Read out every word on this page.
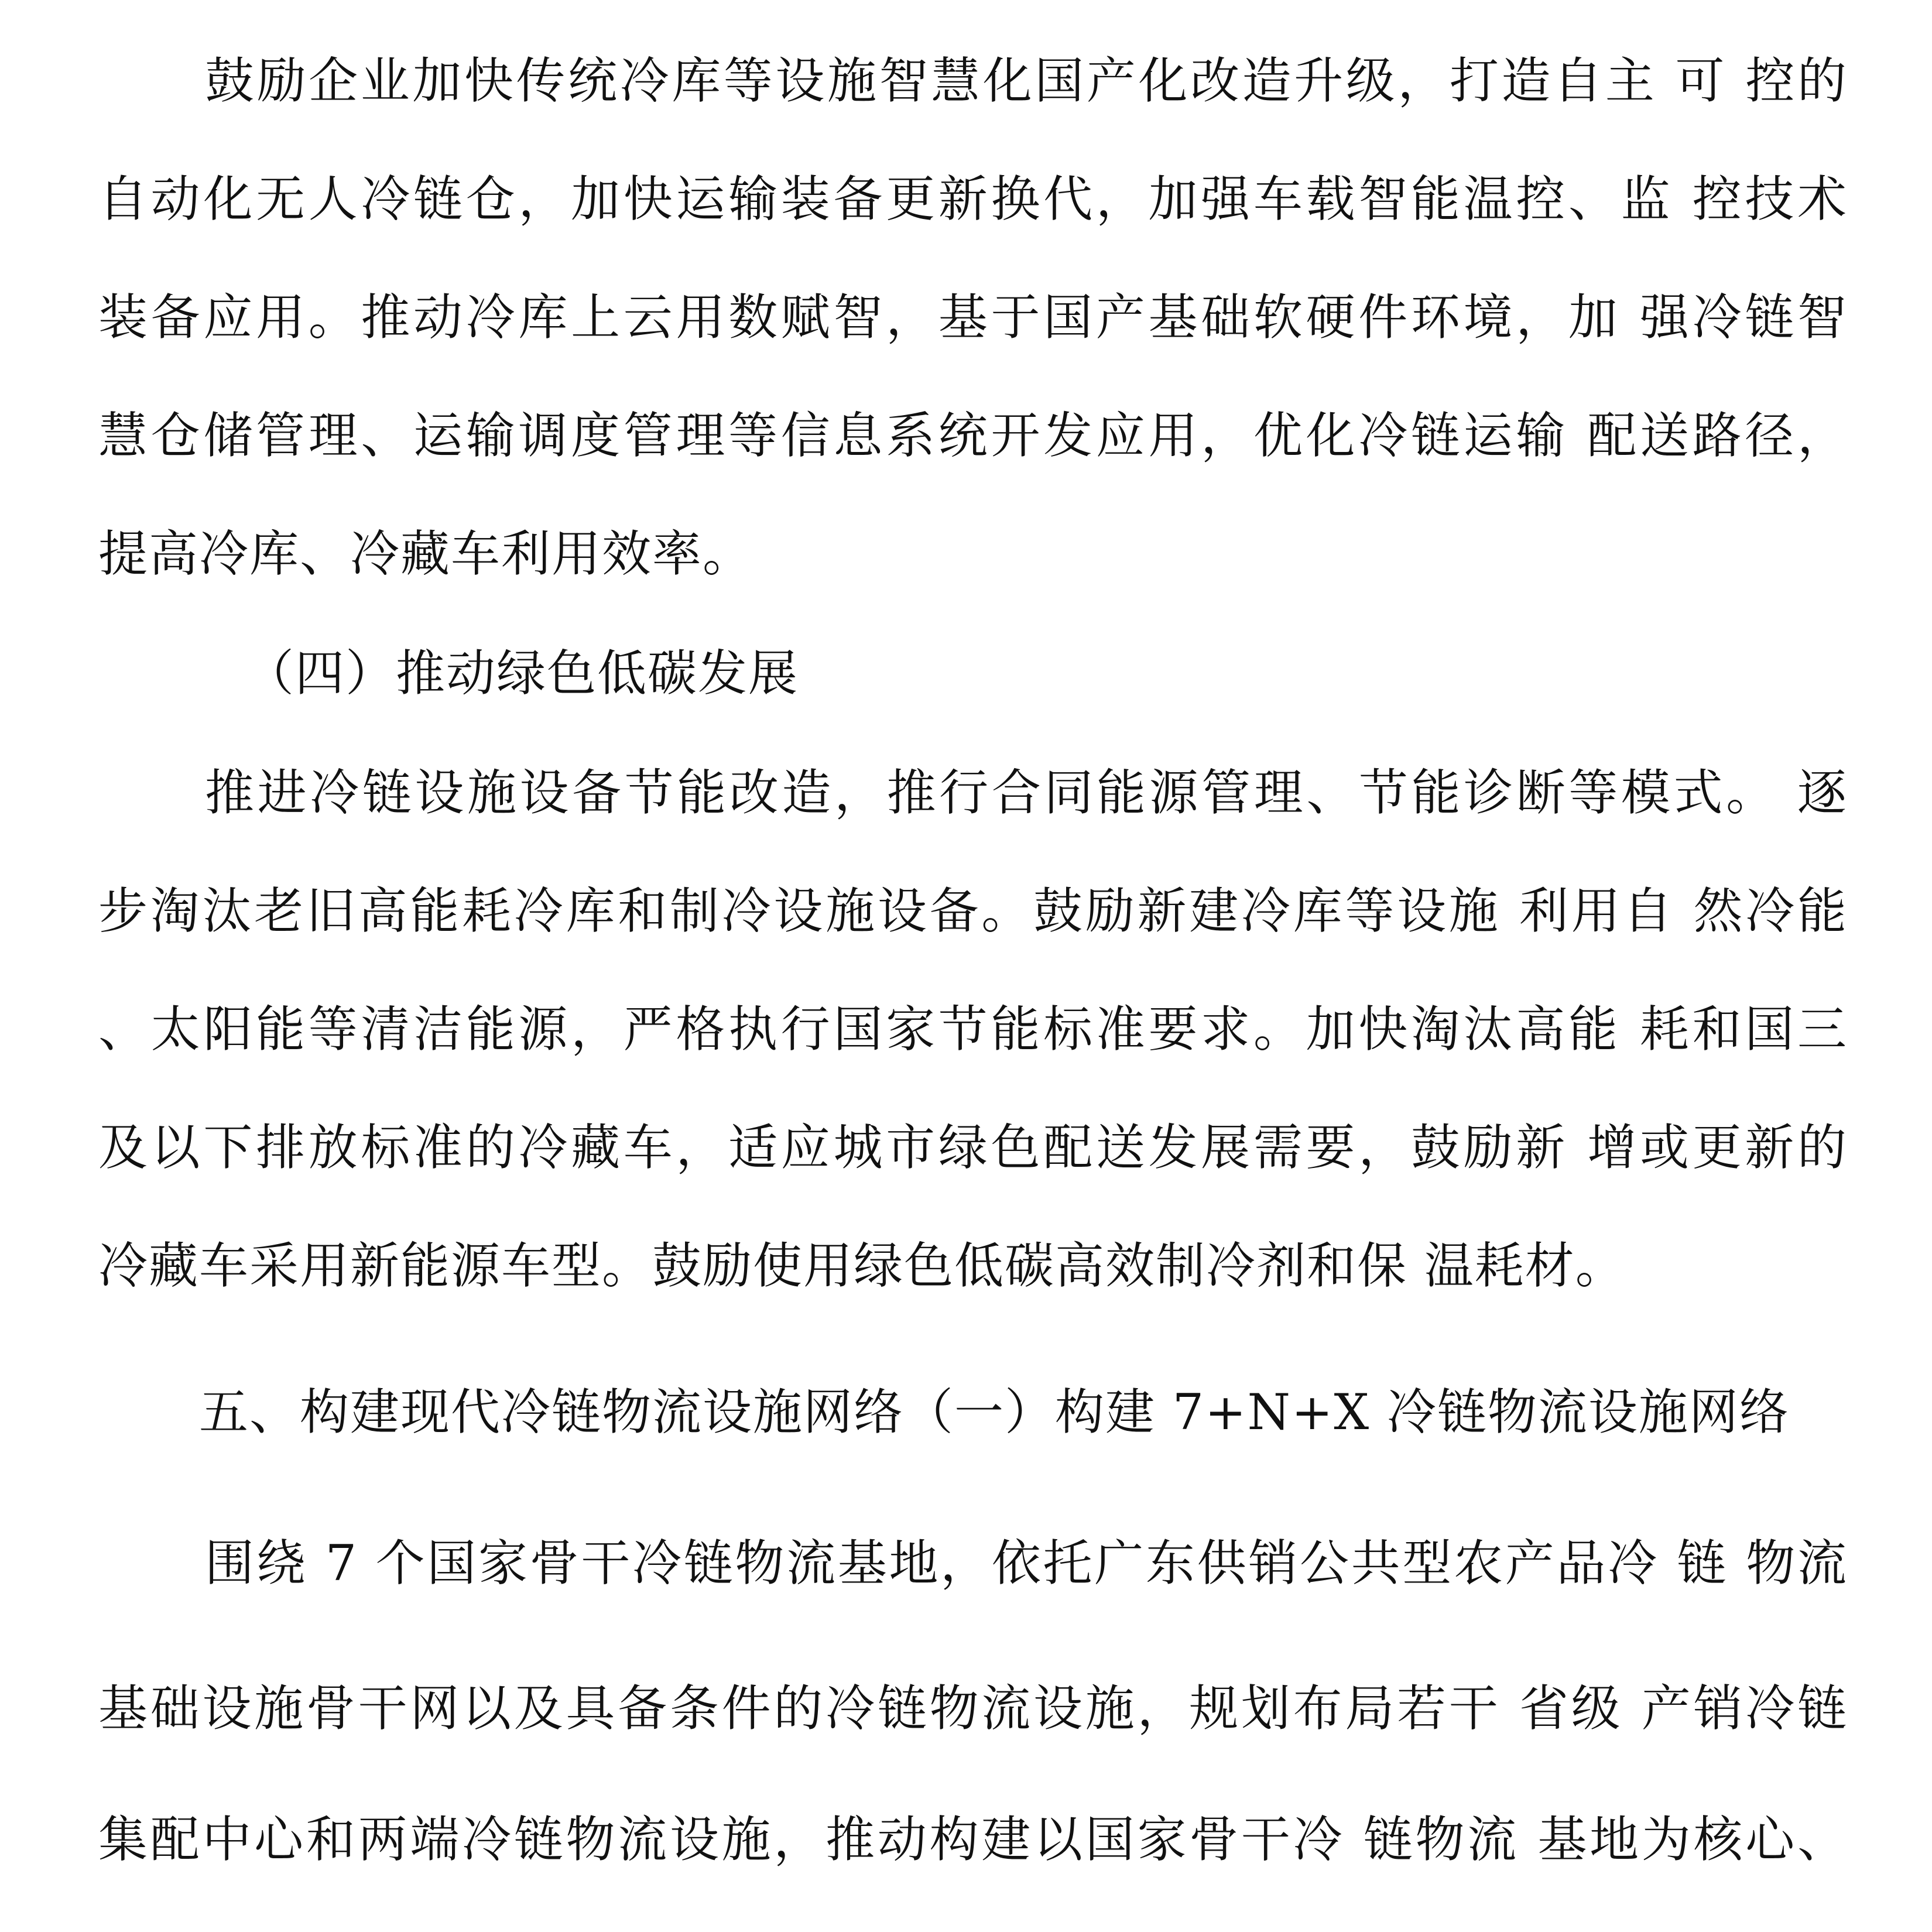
鼓励企业加快传统冷库等设施智慧化国产化改造升级，打造自主 可 控的
自动化无人冷链仓，加快运输装备更新换代，加强车载智能温控、监 控技术
装备应用。推动冷库上云用数赋智，基于国产基础软硬件环境，加 强冷链智
慧仓储管理、运输调度管理等信息系统开发应用，优化冷链运输 配送路径，
提高冷库、冷藏车利用效率。
（四）推动绿色低碳发展
推进冷链设施设备节能改造，推行合同能源管理、节能诊断等模式。 逐
步淘汰老旧高能耗冷库和制冷设施设备。鼓励新建冷库等设施 利用自 然冷能
、太阳能等清洁能源，严格执行国家节能标准要求。加快淘汰高能 耗和国三
及以下排放标准的冷藏车，适应城市绿色配送发展需要，鼓励新 增或更新的
冷藏车采用新能源车型。鼓励使用绿色低碳高效制冷剂和保 温耗材。
五、构建现代冷链物流设施网络（一）构建 7+N+X 冷链物流设施网络
围绕 7 个国家骨干冷链物流基地，依托广东供销公共型农产品冷 链 物流
基础设施骨干网以及具备条件的冷链物流设施，规划布局若干 省级 产销冷链
集配中心和两端冷链物流设施，推动构建以国家骨干冷 链物流 基地为核心、
